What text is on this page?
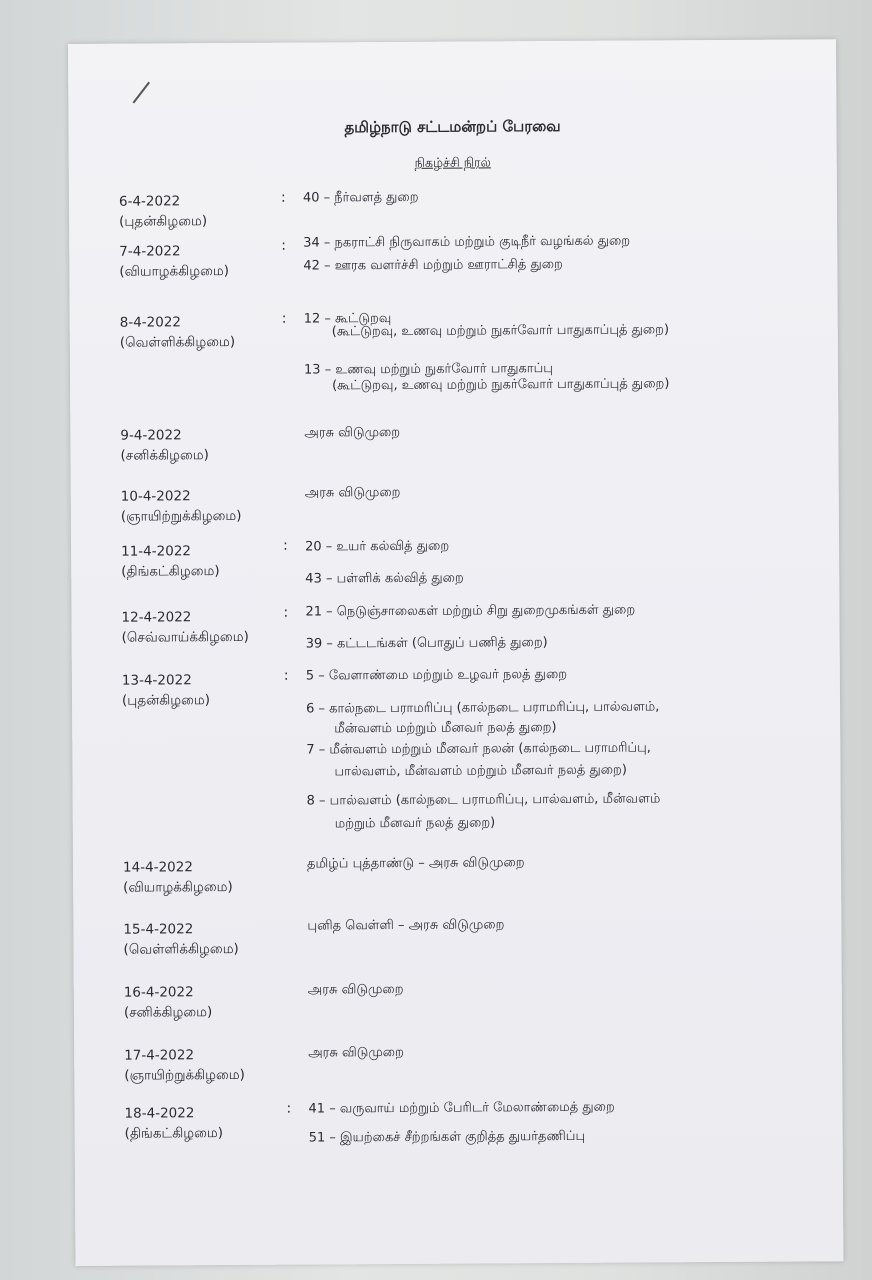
தமிழ்நாடு சட்டமன்றப் பேரவை
நிகழ்ச்சி நிரல்
6-4-2022
(புதன்கிழமை)
: 40 – நீர்வளத் துறை
7-4-2022
(வியாழக்கிழமை)
: 34 – நகராட்சி நிருவாகம் மற்றும் குடிநீர் வழங்கல் துறை
42 – ஊரக வளர்ச்சி மற்றும் ஊராட்சித் துறை
8-4-2022
(வெள்ளிக்கிழமை)
: 12 – கூட்டுறவு
(கூட்டுறவு, உணவு மற்றும் நுகர்வோர் பாதுகாப்புத் துறை)
13 – உணவு மற்றும் நுகர்வோர் பாதுகாப்பு
(கூட்டுறவு, உணவு மற்றும் நுகர்வோர் பாதுகாப்புத் துறை)
9-4-2022
(சனிக்கிழமை)
அரசு விடுமுறை
10-4-2022
(ஞாயிற்றுக்கிழமை)
அரசு விடுமுறை
11-4-2022
(திங்கட்கிழமை)
: 20 – உயர் கல்வித் துறை
43 – பள்ளிக் கல்வித் துறை
12-4-2022
(செவ்வாய்க்கிழமை)
: 21 – நெடுஞ்சாலைகள் மற்றும் சிறு துறைமுகங்கள் துறை
39 – கட்டடங்கள் (பொதுப் பணித் துறை)
13-4-2022
(புதன்கிழமை)
: 5 – வேளாண்மை மற்றும் உழவர் நலத் துறை
6 – கால்நடை பராமரிப்பு (கால்நடை பராமரிப்பு, பால்வளம்,
மீன்வளம் மற்றும் மீனவர் நலத் துறை)
7 – மீன்வளம் மற்றும் மீனவர் நலன் (கால்நடை பராமரிப்பு,
பால்வளம், மீன்வளம் மற்றும் மீனவர் நலத் துறை)
8 – பால்வளம் (கால்நடை பராமரிப்பு, பால்வளம், மீன்வளம்
மற்றும் மீனவர் நலத் துறை)
14-4-2022
(வியாழக்கிழமை)
தமிழ்ப் புத்தாண்டு – அரசு விடுமுறை
15-4-2022
(வெள்ளிக்கிழமை)
புனித வெள்ளி – அரசு விடுமுறை
16-4-2022
(சனிக்கிழமை)
அரசு விடுமுறை
17-4-2022
(ஞாயிற்றுக்கிழமை)
அரசு விடுமுறை
18-4-2022
(திங்கட்கிழமை)
: 41 – வருவாய் மற்றும் பேரிடர் மேலாண்மைத் துறை
51 – இயற்கைச் சீற்றங்கள் குறித்த துயர்தணிப்பு
